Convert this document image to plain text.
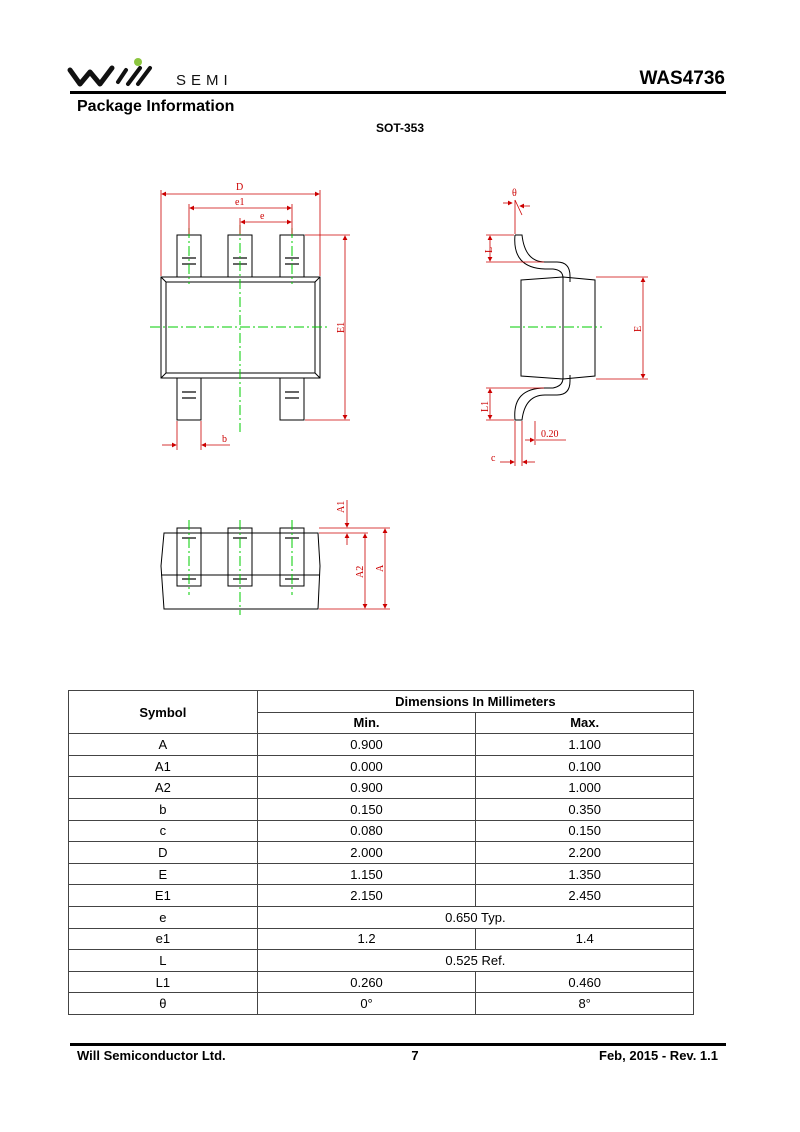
SEMI	WAS4736
Package Information
SOT-353
D
e1
e
E1
b
θ
L
E
L1
0.20
c
A1
A2 A
Symbol	Dimensions In Millimeters	
	Min.	Max.
A	0.900	1.100
A1	0.000	0.100
A2	0.900	1.000
b	0.150	0.350
c	0.080	0.150
D	2.000	2.200
E	1.150	1.350
E1	2.150	2.450
e	0.650 Typ.	
e1	1.2	1.4
L	0.525 Ref.	
L1	0.260	0.460
θ	0°	8°
Will Semiconductor Ltd.	7	Feb, 2015 - Rev. 1.1
